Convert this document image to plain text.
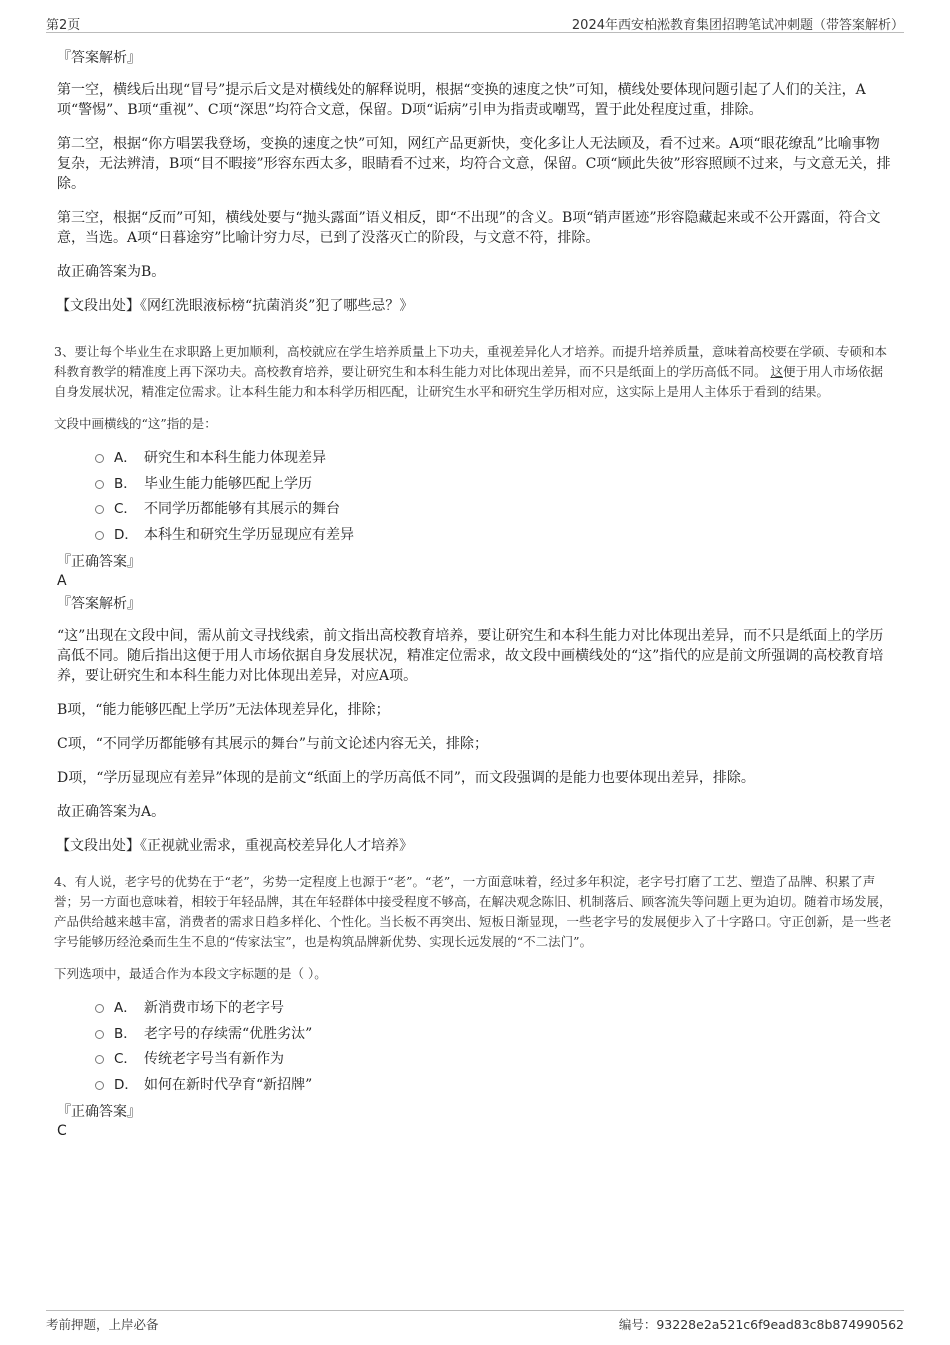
第2页	2024年西安柏淞教育集团招聘笔试冲刺题（带答案解析）

『答案解析』

第一空，横线后出现“冒号”提示后文是对横线处的解释说明，根据“变换的速度之快”可知，横线处要体现问题引起了人们的关注，A项“警惕”、B项“重视”、C项“深思”均符合文意，保留。D项“诟病”引申为指责或嘲骂，置于此处程度过重，排除。

第二空，根据“你方唱罢我登场，变换的速度之快”可知，网红产品更新快，变化多让人无法顾及，看不过来。A项“眼花缭乱”比喻事物复杂，无法辨清，B项“目不暇接”形容东西太多，眼睛看不过来，均符合文意，保留。C项“顾此失彼”形容照顾不过来，与文意无关，排除。

第三空，根据“反而”可知，横线处要与“抛头露面”语义相反，即“不出现”的含义。B项“销声匿迹”形容隐藏起来或不公开露面，符合文意，当选。A项“日暮途穷”比喻计穷力尽，已到了没落灭亡的阶段，与文意不符，排除。

故正确答案为B。

【文段出处】《网红洗眼液标榜“抗菌消炎”犯了哪些忌？》

3、要让每个毕业生在求职路上更加顺利，高校就应在学生培养质量上下功夫，重视差异化人才培养。而提升培养质量，意味着高校要在学硕、专硕和本科教育教学的精准度上再下深功夫。高校教育培养，要让研究生和本科生能力对比体现出差异，而不只是纸面上的学历高低不同。 这便于用人市场依据自身发展状况，精准定位需求。让本科生能力和本科学历相匹配，让研究生水平和研究生学历相对应，这实际上是用人主体乐于看到的结果。

文段中画横线的“这”指的是：

A． 研究生和本科生能力体现差异
B． 毕业生能力能够匹配上学历
C． 不同学历都能够有其展示的舞台
D． 本科生和研究生学历显现应有差异

『正确答案』

A

『答案解析』

“这”出现在文段中间，需从前文寻找线索，前文指出高校教育培养，要让研究生和本科生能力对比体现出差异，而不只是纸面上的学历高低不同。随后指出这便于用人市场依据自身发展状况，精准定位需求，故文段中画横线处的“这”指代的应是前文所强调的高校教育培养，要让研究生和本科生能力对比体现出差异，对应A项。

B项，“能力能够匹配上学历”无法体现差异化，排除；

C项，“不同学历都能够有其展示的舞台”与前文论述内容无关，排除；

D项，“学历显现应有差异”体现的是前文“纸面上的学历高低不同”，而文段强调的是能力也要体现出差异，排除。

故正确答案为A。

【文段出处】《正视就业需求，重视高校差异化人才培养》

4、有人说，老字号的优势在于“老”，劣势一定程度上也源于“老”。“老”，一方面意味着，经过多年积淀，老字号打磨了工艺、塑造了品牌、积累了声誉；另一方面也意味着，相较于年轻品牌，其在年轻群体中接受程度不够高，在解决观念陈旧、机制落后、顾客流失等问题上更为迫切。随着市场发展，产品供给越来越丰富，消费者的需求日趋多样化、个性化。当长板不再突出、短板日渐显现，一些老字号的发展便步入了十字路口。守正创新，是一些老字号能够历经沧桑而生生不息的“传家法宝”，也是构筑品牌新优势、实现长远发展的“不二法门”。

下列选项中，最适合作为本段文字标题的是（ ）。

A． 新消费市场下的老字号
B． 老字号的存续需“优胜劣汰”
C． 传统老字号当有新作为
D． 如何在新时代孕育“新招牌”

『正确答案』

C

考前押题，上岸必备	编号：93228e2a521c6f9ead83c8b874990562
